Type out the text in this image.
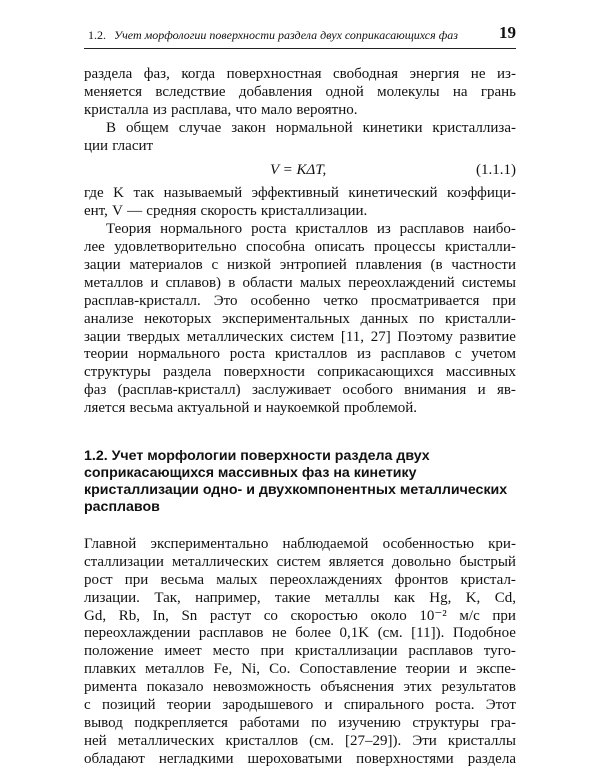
1.2. Учет морфологии поверхности раздела двух соприкасающихся фаз 19
раздела фаз, когда поверхностная свободная энергия не из-
меняется вследствие добавления одной молекулы на грань
кристалла из расплава, что мало вероятно.
В общем случае закон нормальной кинетики кристаллиза-
ции гласит
V = KΔT,	(1.1.1)
где K так называемый эффективный кинетический коэффици-
ент, V — средняя скорость кристаллизации.
Теория нормального роста кристаллов из расплавов наибо-
лее удовлетворительно способна описать процессы кристалли-
зации материалов с низкой энтропией плавления (в частности
металлов и сплавов) в области малых переохлаждений системы
расплав-кристалл. Это особенно четко просматривается при
анализе некоторых экспериментальных данных по кристалли-
зации твердых металлических систем [11, 27] Поэтому развитие
теории нормального роста кристаллов из расплавов с учетом
структуры раздела поверхности соприкасающихся массивных
фаз (расплав-кристалл) заслуживает особого внимания и яв-
ляется весьма актуальной и наукоемкой проблемой.
1.2. Учет морфологии поверхности раздела двух
соприкасающихся массивных фаз на кинетику
кристаллизации одно- и двухкомпонентных металлических
расплавов
Главной экспериментально наблюдаемой особенностью кри-
сталлизации металлических систем является довольно быстрый
рост при весьма малых переохлаждениях фронтов кристал-
лизации. Так, например, такие металлы как Hg, K, Cd,
Gd, Rb, In, Sn растут со скоростью около 10⁻² м/с при
переохлаждении расплавов не более 0,1K (см. [11]). Подобное
положение имеет место при кристаллизации расплавов туго-
плавких металлов Fe, Ni, Co. Сопоставление теории и экспе-
римента показало невозможность объяснения этих результатов
с позиций теории зародышевого и спирального роста. Этот
вывод подкрепляется работами по изучению структуры гра-
ней металлических кристаллов (см. [27–29]). Эти кристаллы
обладают негладкими шероховатыми поверхностями раздела
